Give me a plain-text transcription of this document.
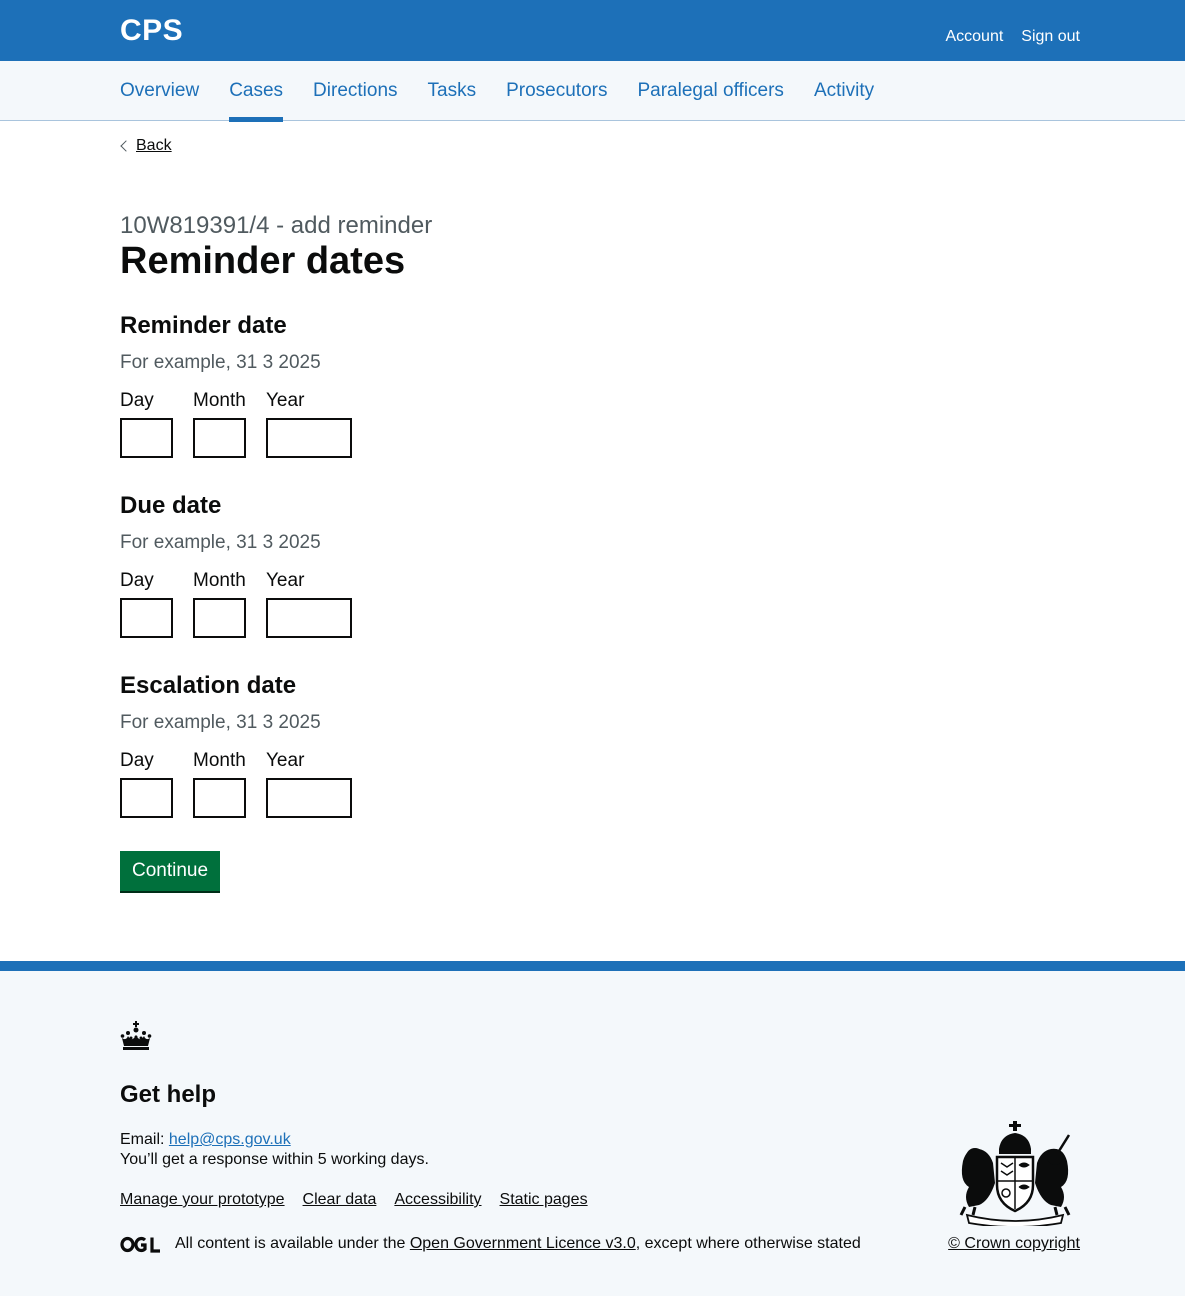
CPS	Account Sign out
Overview Cases Directions Tasks Prosecutors Paralegal officers Activity
Back
10W819391/4 - add reminder
Reminder dates
Reminder date
For example, 31 3 2025
Day	Month Year
Due date
For example, 31 3 2025
Day	Month Year
Escalation date
For example, 31 3 2025
Day	Month Year
Continue
Get help
Email: help@cps.gov.uk
You’ll get a response within 5 working days.
Manage your prototype Clear data Accessibility Static pages
All content is available under the
Open Government Licence v3.0 , except where otherwise stated	© Crown copyright
